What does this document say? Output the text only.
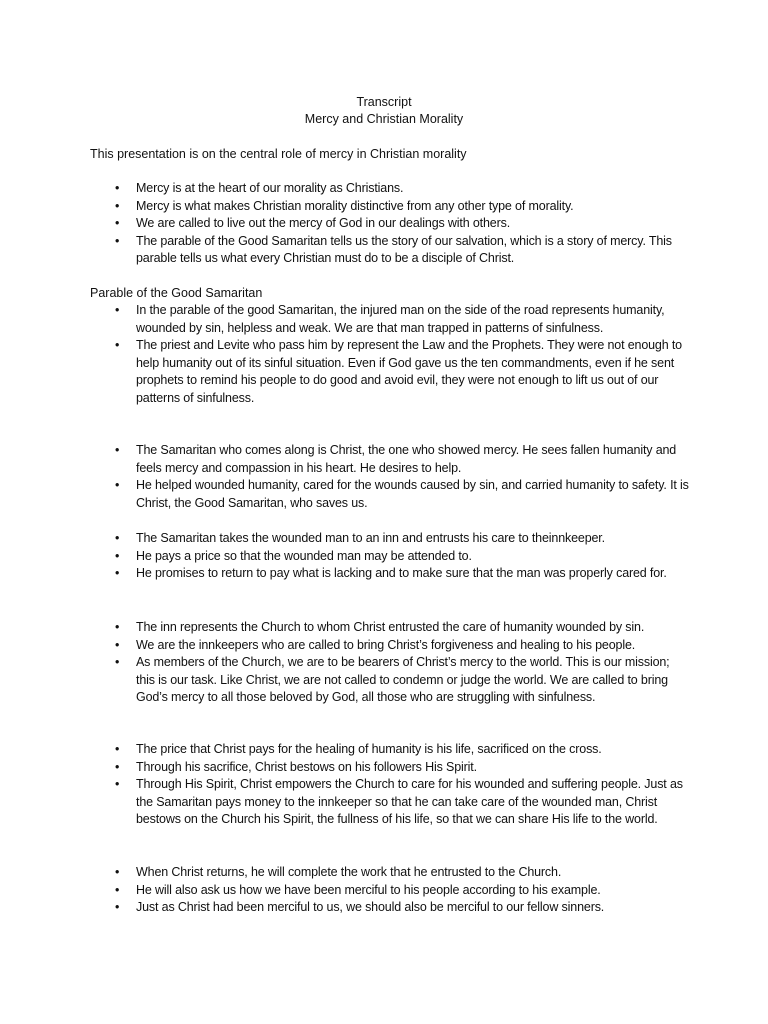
Transcript
Mercy and Christian Morality
This presentation is on the central role of mercy in Christian morality
• Mercy is at the heart of our morality as Christians.
• Mercy is what makes Christian morality distinctive from any other type of morality.
• We are called to live out the mercy of God in our dealings with others.
• The parable of the Good Samaritan tells us the story of our salvation, which is a story of mercy. This parable tells us what every Christian must do to be a disciple of Christ.
Parable of the Good Samaritan
• In the parable of the good Samaritan, the injured man on the side of the road represents humanity, wounded by sin, helpless and weak. We are that man trapped in patterns of sinfulness.
• The priest and Levite who pass him by represent the Law and the Prophets. They were not enough to help humanity out of its sinful situation. Even if God gave us the ten commandments, even if he sent prophets to remind his people to do good and avoid evil, they were not enough to lift us out of our patterns of sinfulness.
• The Samaritan who comes along is Christ, the one who showed mercy. He sees fallen humanity and feels mercy and compassion in his heart. He desires to help.
• He helped wounded humanity, cared for the wounds caused by sin, and carried humanity to safety. It is Christ, the Good Samaritan, who saves us.
• The Samaritan takes the wounded man to an inn and entrusts his care to theinnkeeper.
• He pays a price so that the wounded man may be attended to.
• He promises to return to pay what is lacking and to make sure that the man was properly cared for.
• The inn represents the Church to whom Christ entrusted the care of humanity wounded by sin.
• We are the innkeepers who are called to bring Christ’s forgiveness and healing to his people.
• As members of the Church, we are to be bearers of Christ’s mercy to the world. This is our mission; this is our task. Like Christ, we are not called to condemn or judge the world. We are called to bring God’s mercy to all those beloved by God, all those who are struggling with sinfulness.
• The price that Christ pays for the healing of humanity is his life, sacrificed on the cross.
• Through his sacrifice, Christ bestows on his followers His Spirit.
• Through His Spirit, Christ empowers the Church to care for his wounded and suffering people. Just as the Samaritan pays money to the innkeeper so that he can take care of the wounded man, Christ bestows on the Church his Spirit, the fullness of his life, so that we can share His life to the world.
• When Christ returns, he will complete the work that he entrusted to the Church.
• He will also ask us how we have been merciful to his people according to his example.
• Just as Christ had been merciful to us, we should also be merciful to our fellow sinners.
